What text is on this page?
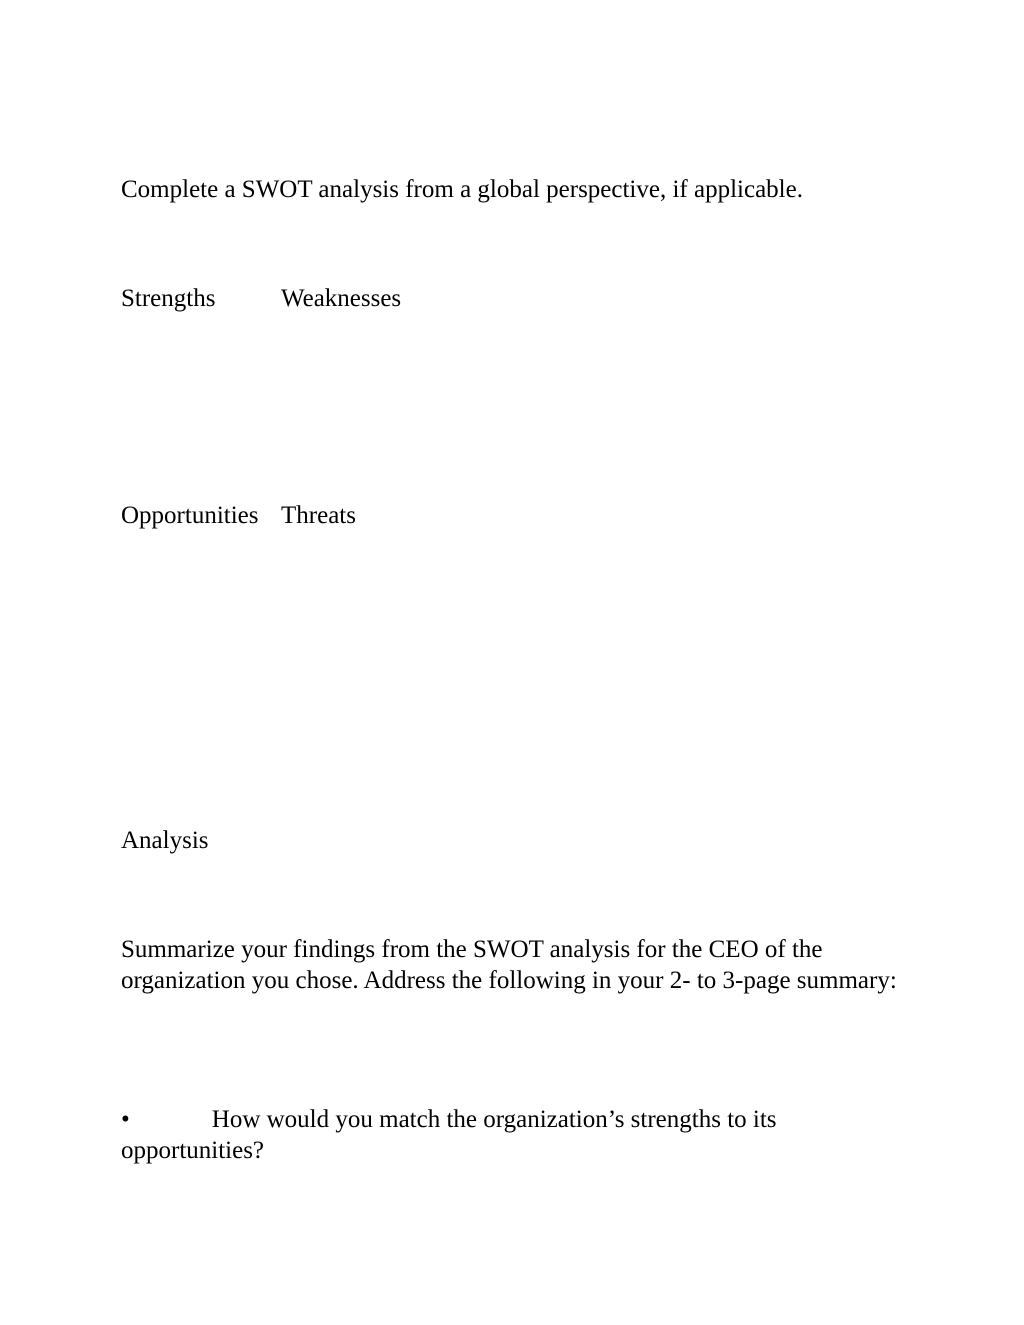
Complete a SWOT analysis from a global perspective, if applicable.

Strengths	Weaknesses
Opportunities Threats

Analysis

Summarize your findings from the SWOT analysis for the CEO of the organization you chose. Address the following in your 2- to 3-page summary:

•	How would you match the organization’s strengths to its opportunities?
